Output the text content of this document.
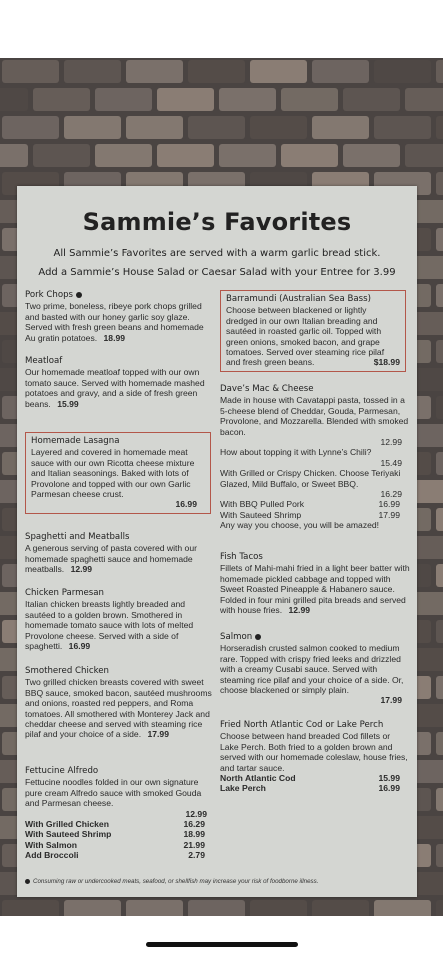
Sammie’s Favorites
All Sammie’s Favorites are served with a warm garlic bread stick.
Add a Sammie’s House Salad or Caesar Salad with your Entree for 3.99
Pork Chops
Two prime, boneless, ribeye pork chops grilled and basted with our honey garlic soy glaze. Served with fresh green beans and homemade Au gratin potatoes. 18.99
Meatloaf
Our homemade meatloaf topped with our own tomato sauce. Served with homemade mashed potatoes and gravy, and a side of fresh green beans. 15.99
Homemade Lasagna
Layered and covered in homemade meat sauce with our own Ricotta cheese mixture and Italian seasonings. Baked with lots of Provolone and topped with our own Garlic Parmesan cheese crust.
16.99
Spaghetti and Meatballs
A generous serving of pasta covered with our homemade spaghetti sauce and homemade meatballs. 12.99
Chicken Parmesan
Italian chicken breasts lightly breaded and sautéed to a golden brown. Smothered in homemade tomato sauce with lots of melted Provolone cheese. Served with a side of spaghetti. 16.99
Smothered Chicken
Two grilled chicken breasts covered with sweet BBQ sauce, smoked bacon, sautéed mushrooms and onions, roasted red peppers, and Roma tomatoes. All smothered with Monterey Jack and cheddar cheese and served with steaming rice pilaf and your choice of a side. 17.99
Fettucine Alfredo
Fettucine noodles folded in our own signature pure cream Alfredo sauce with smoked Gouda and Parmesan cheese.
12.99
With Grilled Chicken	16.29
With Sauteed Shrimp	18.99
With Salmon	21.99
Add Broccoli	2.79
Barramundi (Australian Sea Bass)
Choose between blackened or lightly dredged in our own Italian breading and sautéed in roasted garlic oil. Topped with green onions, smoked bacon, and grape tomatoes. Served over steaming rice pilaf and fresh green beans.	$18.99
Dave’s Mac & Cheese
Made in house with Cavatappi pasta, tossed in a 5-cheese blend of Cheddar, Gouda, Parmesan, Provolone, and Mozzarella. Blended with smoked bacon.
12.99
How about topping it with Lynne’s Chili?
15.49
With Grilled or Crispy Chicken. Choose Teriyaki Glazed, Mild Buffalo, or Sweet BBQ.
16.29
With BBQ Pulled Pork	16.99
With Sauteed Shrimp	17.99
Any way you choose, you will be amazed!
Fish Tacos
Fillets of Mahi-mahi fried in a light beer batter with homemade pickled cabbage and topped with Sweet Roasted Pineapple & Habanero sauce. Folded in four mini grilled pita breads and served with house fries. 12.99
Salmon
Horseradish crusted salmon cooked to medium rare. Topped with crispy fried leeks and drizzled with a creamy Cusabi sauce. Served with steaming rice pilaf and your choice of a side. Or, choose blackened or simply plain.
17.99
Fried North Atlantic Cod or Lake Perch
Choose between hand breaded Cod fillets or Lake Perch. Both fried to a golden brown and served with our homemade coleslaw, house fries, and tartar sauce.
North Atlantic Cod	15.99
Lake Perch	16.99
Consuming raw or undercooked meats, seafood, or shellfish may increase your risk of foodborne illness.
